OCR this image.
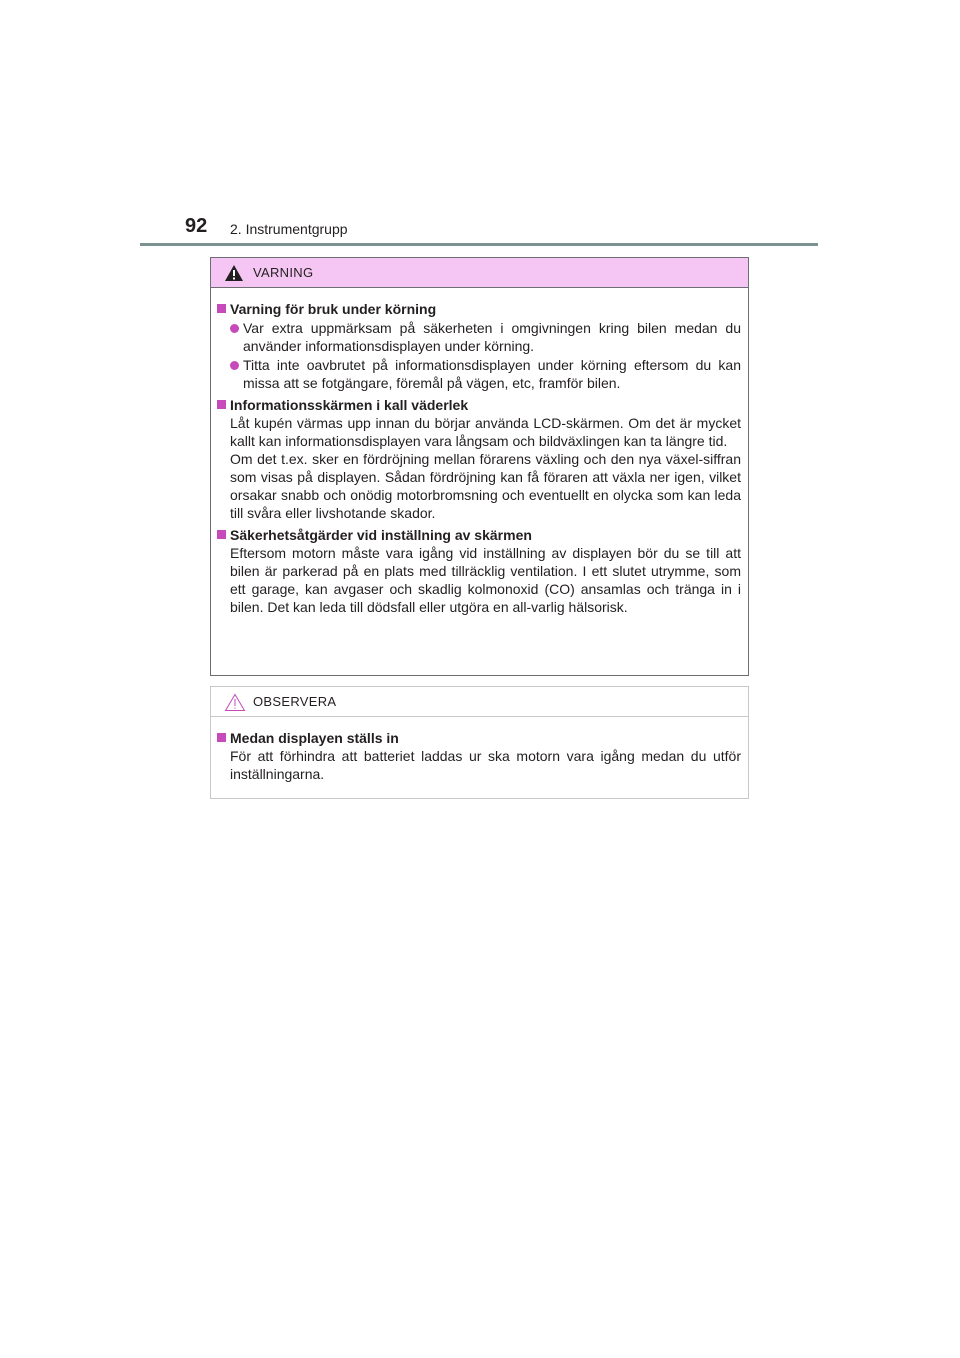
92 2. Instrumentgrupp
VARNING
Varning för bruk under körning
Var extra uppmärksam på säkerheten i omgivningen kring bilen medan du använder informationsdisplayen under körning.
Titta inte oavbrutet på informationsdisplayen under körning eftersom du kan missa att se fotgängare, föremål på vägen, etc, framför bilen.
Informationsskärmen i kall väderlek
Låt kupén värmas upp innan du börjar använda LCD-skärmen. Om det är mycket kallt kan informationsdisplayen vara långsam och bildväxlingen kan ta längre tid.
Om det t.ex. sker en fördröjning mellan förarens växling och den nya växel-siffran som visas på displayen. Sådan fördröjning kan få föraren att växla ner igen, vilket orsakar snabb och onödig motorbromsning och eventuellt en olycka som kan leda till svåra eller livshotande skador.
Säkerhetsåtgärder vid inställning av skärmen
Eftersom motorn måste vara igång vid inställning av displayen bör du se till att bilen är parkerad på en plats med tillräcklig ventilation. I ett slutet utrymme, som ett garage, kan avgaser och skadlig kolmonoxid (CO) ansamlas och tränga in i bilen. Det kan leda till dödsfall eller utgöra en all-varlig hälsorisk.
OBSERVERA
Medan displayen ställs in
För att förhindra att batteriet laddas ur ska motorn vara igång medan du utför inställningarna.
